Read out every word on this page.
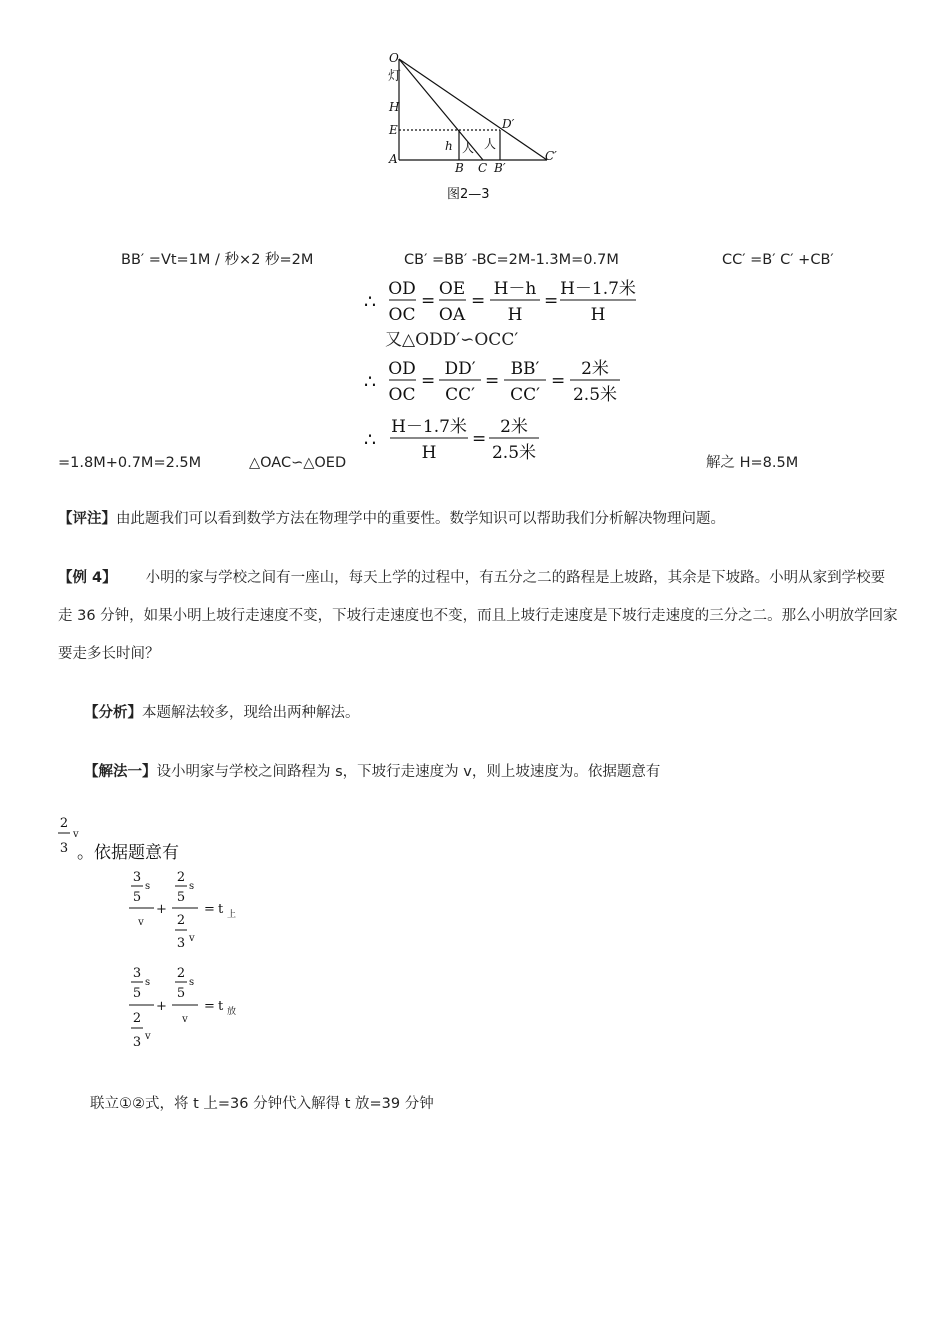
O
灯
H
E
A
h 人 人
B C B′
D′
C′
图2—3
BB′ =Vt=1M / 秒×2 秒=2M	CB′ =BB′ -BC=2M-1.3M=0.7M	CC′ =B′ C′ +CB′
∴
OD
OC
=
OE
OA
=
H－h
H
=
H－1.7米
H
又△ODD′∽OCC′
∴
OD
OC
=
DD′
CC′
=
BB′
CC′
=
2米
2.5米
∴
H－1.7米
H
=
2米
2.5米
=1.8M+0.7M=2.5M	△OAC∽△OED	解之 H=8.5M
【评注】由此题我们可以看到数学方法在物理学中的重要性。数学知识可以帮助我们分析解决物理问题。
【例 4】   小明的家与学校之间有一座山，每天上学的过程中，有五分之二的路程是上坡路，其余是下坡路。小明从家到学校要走 36 分钟，如果小明上坡行走速度不变，下坡行走速度也不变，而且上坡行走速度是下坡行走速度的三分之二。那么小明放学回家要走多长时间？
【分析】本题解法较多，现给出两种解法。
【解法一】设小明家与学校之间路程为 s，下坡行走速度为 v，则上坡速度为。依据题意有
2
3
v
。依据题意有
3
5
s
v
+
2
5
s
2
3 v
= t 上
3
5
s
2
3 v
+
2
5
s
v
= t 放
联立①②式，将 t 上=36 分钟代入解得 t 放=39 分钟
